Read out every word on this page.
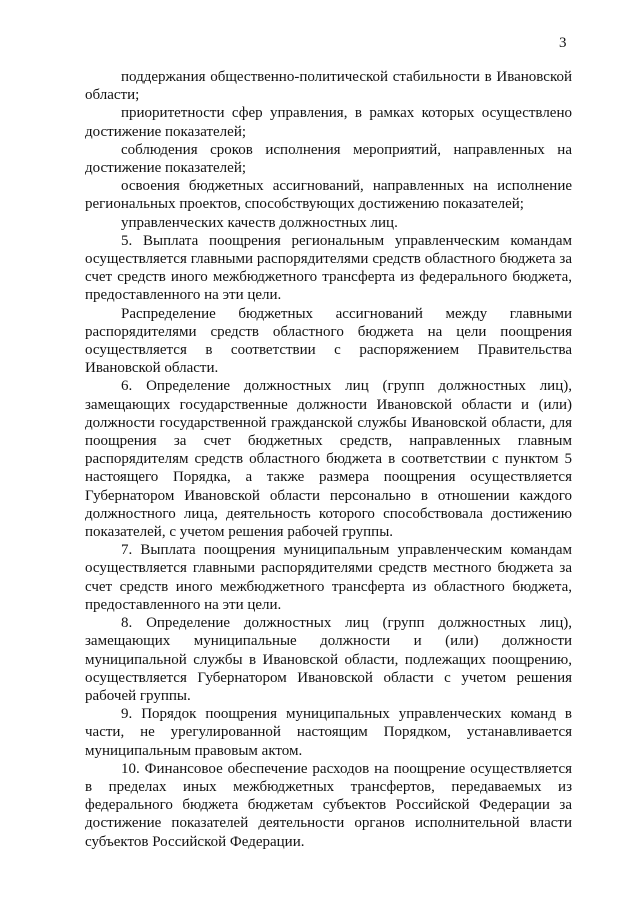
3

поддержания общественно-политической стабильности в Ивановской области;

приоритетности сфер управления, в рамках которых осуществлено достижение показателей;

соблюдения сроков исполнения мероприятий, направленных на достижение показателей;

освоения бюджетных ассигнований, направленных на исполнение региональных проектов, способствующих достижению показателей;

управленческих качеств должностных лиц.

5. Выплата поощрения региональным управленческим командам осуществляется главными распорядителями средств областного бюджета за счет средств иного межбюджетного трансферта из федерального бюджета, предоставленного на эти цели.

Распределение бюджетных ассигнований между главными распорядителями средств областного бюджета на цели поощрения осуществляется в соответствии с распоряжением Правительства Ивановской области.

6. Определение должностных лиц (групп должностных лиц), замещающих государственные должности Ивановской области и (или) должности государственной гражданской службы Ивановской области, для поощрения за счет бюджетных средств, направленных главным распорядителям средств областного бюджета в соответствии с пунктом 5 настоящего Порядка, а также размера поощрения осуществляется Губернатором Ивановской области персонально в отношении каждого должностного лица, деятельность которого способствовала достижению показателей, с учетом решения рабочей группы.

7. Выплата поощрения муниципальным управленческим командам осуществляется главными распорядителями средств местного бюджета за счет средств иного межбюджетного трансферта из областного бюджета, предоставленного на эти цели.

8. Определение должностных лиц (групп должностных лиц), замещающих муниципальные должности и (или) должности муниципальной службы в Ивановской области, подлежащих поощрению, осуществляется Губернатором Ивановской области с учетом решения рабочей группы.

9. Порядок поощрения муниципальных управленческих команд в части, не урегулированной настоящим Порядком, устанавливается муниципальным правовым актом.

10. Финансовое обеспечение расходов на поощрение осуществляется в пределах иных межбюджетных трансфертов, передаваемых из федерального бюджета бюджетам субъектов Российской Федерации за достижение показателей деятельности органов исполнительной власти субъектов Российской Федерации.
